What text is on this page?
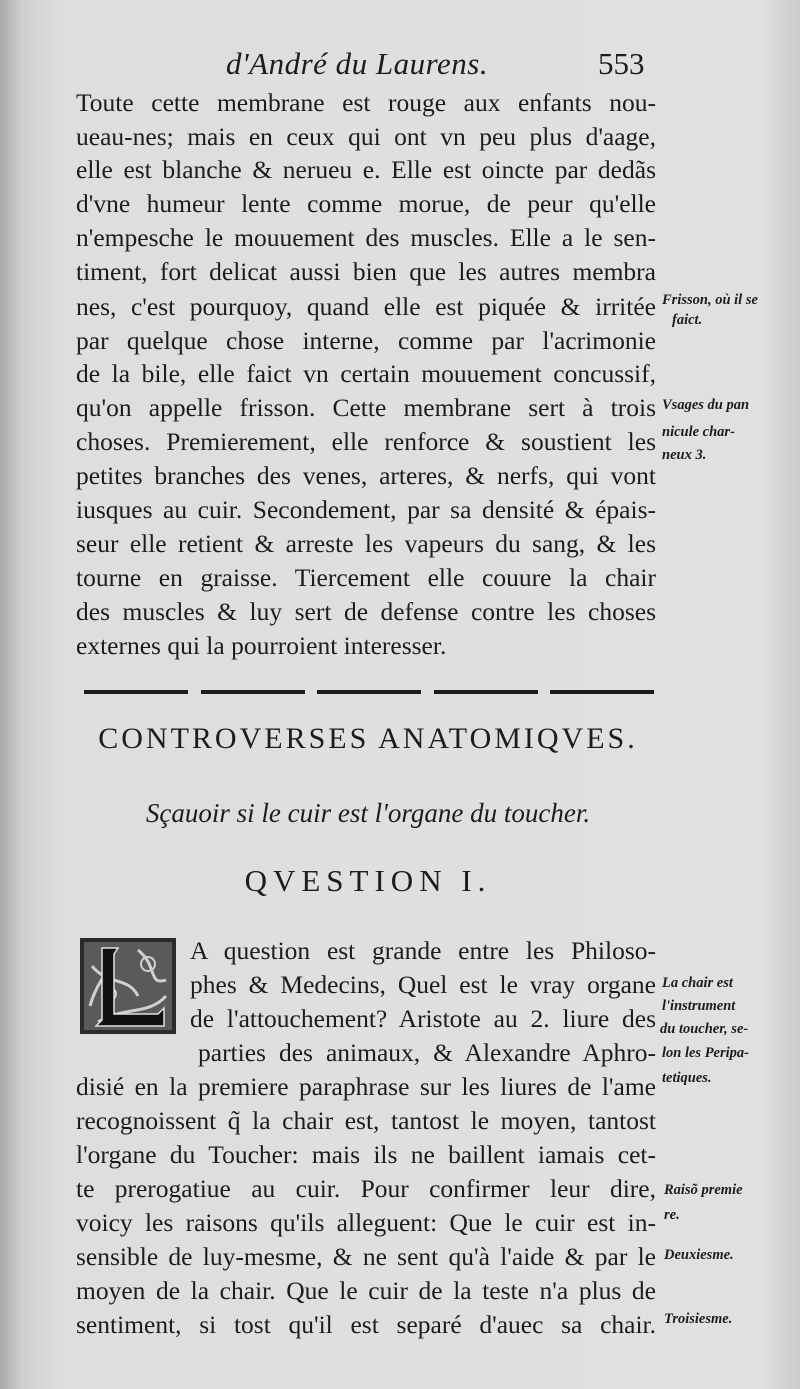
d'André du Laurens.	553
Toute cette membrane est rouge aux enfants nou-
ueau-nes; mais en ceux qui ont vn peu plus d'aage,
elle est blanche & nerueu e. Elle est oincte par dedãs
d'vne humeur lente comme morue, de peur qu'elle
n'empesche le mouuement des muscles. Elle a le sen-
timent, fort delicat aussi bien que les autres membra
nes, c'est pourquoy, quand elle est piquée & irritée
par quelque chose interne, comme par l'acrimonie
de la bile, elle faict vn certain mouuement concussif,
qu'on appelle frisson. Cette membrane sert à trois
choses. Premierement, elle renforce & soustient les
petites branches des venes, arteres, & nerfs, qui vont
iusques au cuir. Secondement, par sa densité & épais-
seur elle retient & arreste les vapeurs du sang, & les
tourne en graisse. Tiercement elle couure la chair
des muscles & luy sert de defense contre les choses
externes qui la pourroient interesser.
Frisson, où il se
faict.
Vsages du pan
nicule char-
neux 3.
CONTROVERSES ANATOMIQVES.
Sçauoir si le cuir est l'organe du toucher.
QVESTION I.
A question est grande entre les Philoso-
phes & Medecins, Quel est le vray organe
de l'attouchement? Aristote au 2. liure des
parties des animaux, & Alexandre Aphro-
disié en la premiere paraphrase sur les liures de l'ame
recognoissent q̃ la chair est, tantost le moyen, tantost
l'organe du Toucher: mais ils ne baillent iamais cet-
te prerogatiue au cuir. Pour confirmer leur dire,
voicy les raisons qu'ils alleguent: Que le cuir est in-
sensible de luy-mesme, & ne sent qu'à l'aide & par le
moyen de la chair. Que le cuir de la teste n'a plus de
sentiment, si tost qu'il est separé d'auec sa chair.
La chair est
l'instrument
du toucher, se-
lon les Peripa-
tetiques.
Raisõ premie
re.
Deuxiesme.
Troisiesme.
